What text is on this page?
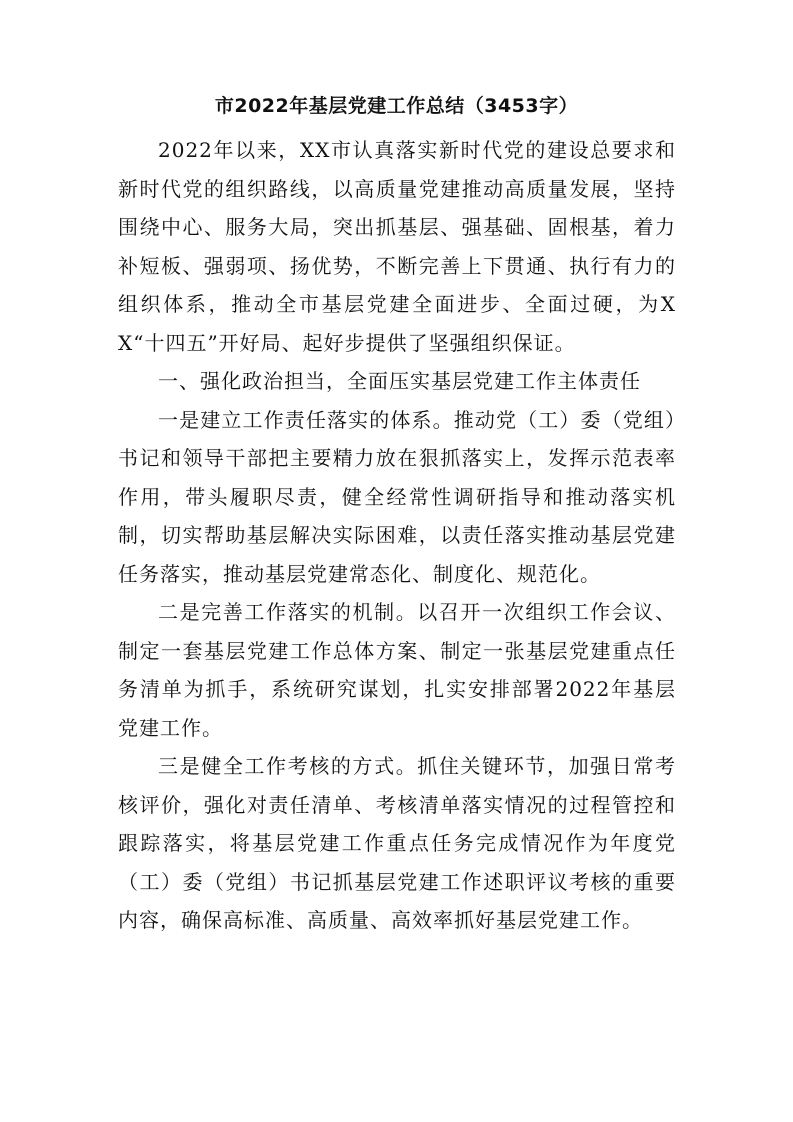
市2022年基层党建工作总结（3453字）

2022年以来，XX市认真落实新时代党的建设总要求和新时代党的组织路线，以高质量党建推动高质量发展，坚持围绕中心、服务大局，突出抓基层、强基础、固根基，着力补短板、强弱项、扬优势，不断完善上下贯通、执行有力的组织体系，推动全市基层党建全面进步、全面过硬，为XX“十四五”开好局、起好步提供了坚强组织保证。

一、强化政治担当，全面压实基层党建工作主体责任

一是建立工作责任落实的体系。推动党（工）委（党组）书记和领导干部把主要精力放在狠抓落实上，发挥示范表率作用，带头履职尽责，健全经常性调研指导和推动落实机制，切实帮助基层解决实际困难，以责任落实推动基层党建任务落实，推动基层党建常态化、制度化、规范化。

二是完善工作落实的机制。以召开一次组织工作会议、制定一套基层党建工作总体方案、制定一张基层党建重点任务清单为抓手，系统研究谋划，扎实安排部署2022年基层党建工作。

三是健全工作考核的方式。抓住关键环节，加强日常考核评价，强化对责任清单、考核清单落实情况的过程管控和跟踪落实，将基层党建工作重点任务完成情况作为年度党（工）委（党组）书记抓基层党建工作述职评议考核的重要内容，确保高标准、高质量、高效率抓好基层党建工作。
